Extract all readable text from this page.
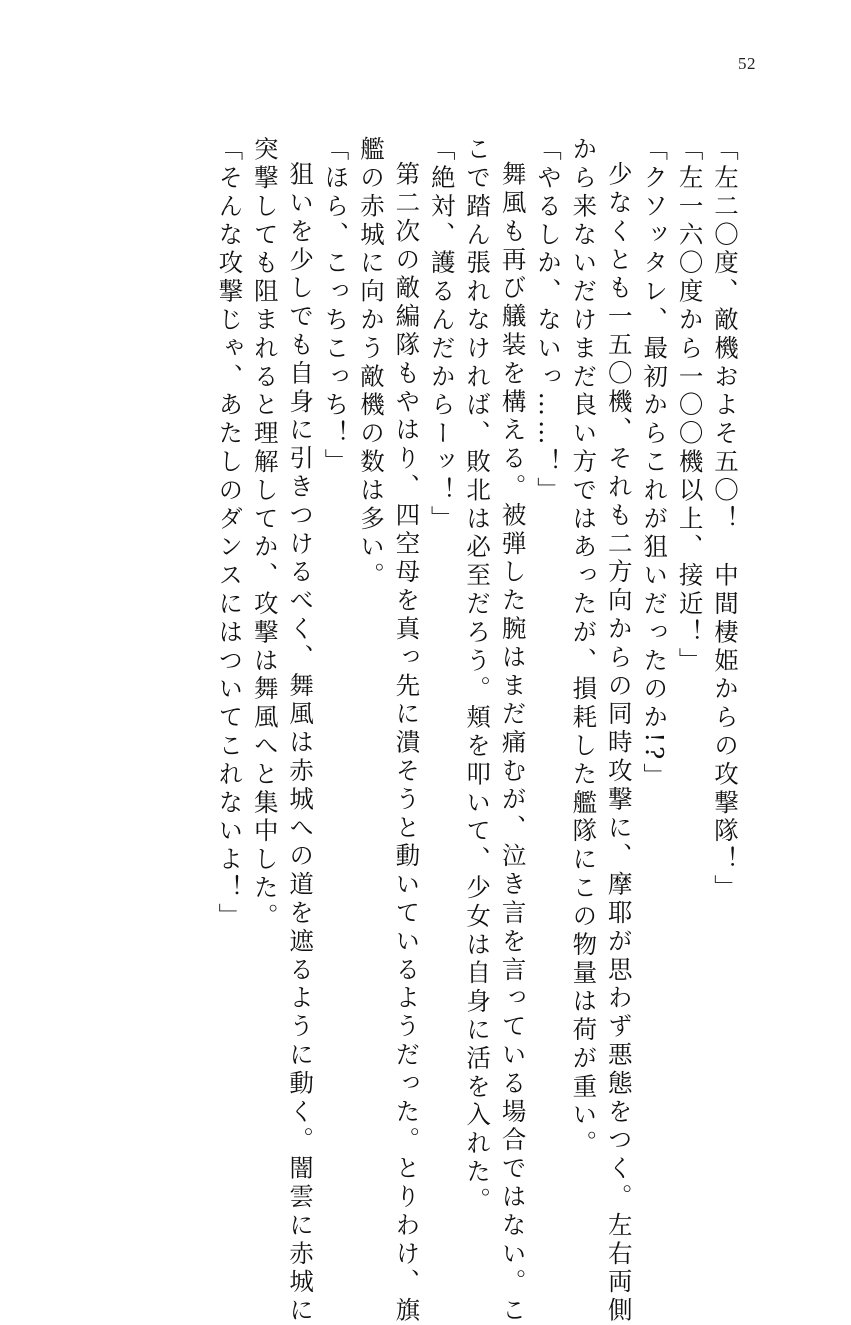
52

「左二〇度、敵機およそ五〇！　中間棲姫からの攻撃隊！」

「左一六〇度から一〇〇機以上、接近！」

「クソッタレ、最初からこれが狙いだったのか!?」

少なくとも一五〇機、それも二方向からの同時攻撃に、摩耶が思わず悪態をつく。左右両側

から来ないだけまだ良い方ではあったが、損耗した艦隊にこの物量は荷が重い。

「やるしか、ないっ……！」

舞風も再び艤装を構える。被弾した腕はまだ痛むが、泣き言を言っている場合ではない。こ

こで踏ん張れなければ、敗北は必至だろう。頬を叩いて、少女は自身に活を入れた。

「絶対、護るんだからーッ！」

第二次の敵編隊もやはり、四空母を真っ先に潰そうと動いているようだった。とりわけ、旗

艦の赤城に向かう敵機の数は多い。

「ほら、こっちこっち！」

狙いを少しでも自身に引きつけるべく、舞風は赤城への道を遮るように動く。闇雲に赤城に

突撃しても阻まれると理解してか、攻撃は舞風へと集中した。

「そんな攻撃じゃ、あたしのダンスにはついてこれないよ！」
